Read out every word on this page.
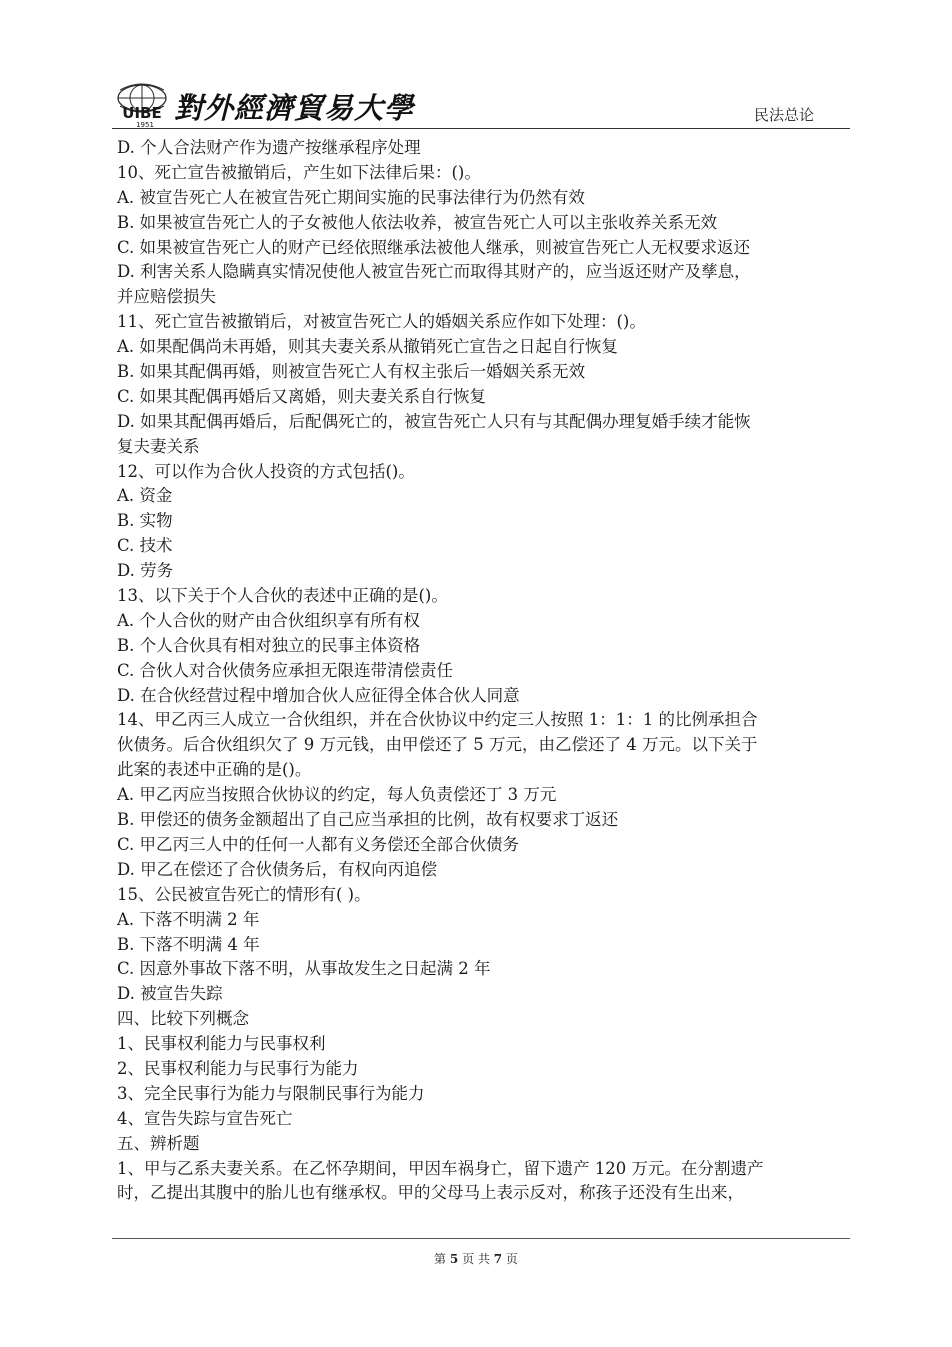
UIBE
1951 對外經濟貿易大學	民法总论
D. 个人合法财产作为遗产按继承程序处理
10、死亡宣告被撤销后，产生如下法律后果：()。
A. 被宣告死亡人在被宣告死亡期间实施的民事法律行为仍然有效
B. 如果被宣告死亡人的子女被他人依法收养，被宣告死亡人可以主张收养关系无效
C. 如果被宣告死亡人的财产已经依照继承法被他人继承，则被宣告死亡人无权要求返还
D. 利害关系人隐瞒真实情况使他人被宣告死亡而取得其财产的，应当返还财产及孳息，
并应赔偿损失
11、死亡宣告被撤销后，对被宣告死亡人的婚姻关系应作如下处理：()。
A. 如果配偶尚未再婚，则其夫妻关系从撤销死亡宣告之日起自行恢复
B. 如果其配偶再婚，则被宣告死亡人有权主张后一婚姻关系无效
C. 如果其配偶再婚后又离婚，则夫妻关系自行恢复
D. 如果其配偶再婚后，后配偶死亡的，被宣告死亡人只有与其配偶办理复婚手续才能恢
复夫妻关系
12、可以作为合伙人投资的方式包括()。
A. 资金
B. 实物
C. 技术
D. 劳务
13、以下关于个人合伙的表述中正确的是()。
A. 个人合伙的财产由合伙组织享有所有权
B. 个人合伙具有相对独立的民事主体资格
C. 合伙人对合伙债务应承担无限连带清偿责任
D. 在合伙经营过程中增加合伙人应征得全体合伙人同意
14、甲乙丙三人成立一合伙组织，并在合伙协议中约定三人按照 1：1：1 的比例承担合
伙债务。后合伙组织欠了 9 万元钱，由甲偿还了 5 万元，由乙偿还了 4 万元。以下关于
此案的表述中正确的是()。
A. 甲乙丙应当按照合伙协议的约定，每人负责偿还丁 3 万元
B. 甲偿还的债务金额超出了自己应当承担的比例，故有权要求丁返还
C. 甲乙丙三人中的任何一人都有义务偿还全部合伙债务
D. 甲乙在偿还了合伙债务后，有权向丙追偿
15、公民被宣告死亡的情形有( )。
A. 下落不明满 2 年
B. 下落不明满 4 年
C. 因意外事故下落不明，从事故发生之日起满 2 年
D. 被宣告失踪
四、比较下列概念
1、民事权利能力与民事权利
2、民事权利能力与民事行为能力
3、完全民事行为能力与限制民事行为能力
4、宣告失踪与宣告死亡
五、辨析题
1、甲与乙系夫妻关系。在乙怀孕期间，甲因车祸身亡，留下遗产 120 万元。在分割遗产
时，乙提出其腹中的胎儿也有继承权。甲的父母马上表示反对，称孩子还没有生出来，
第 5 页 共 7 页
